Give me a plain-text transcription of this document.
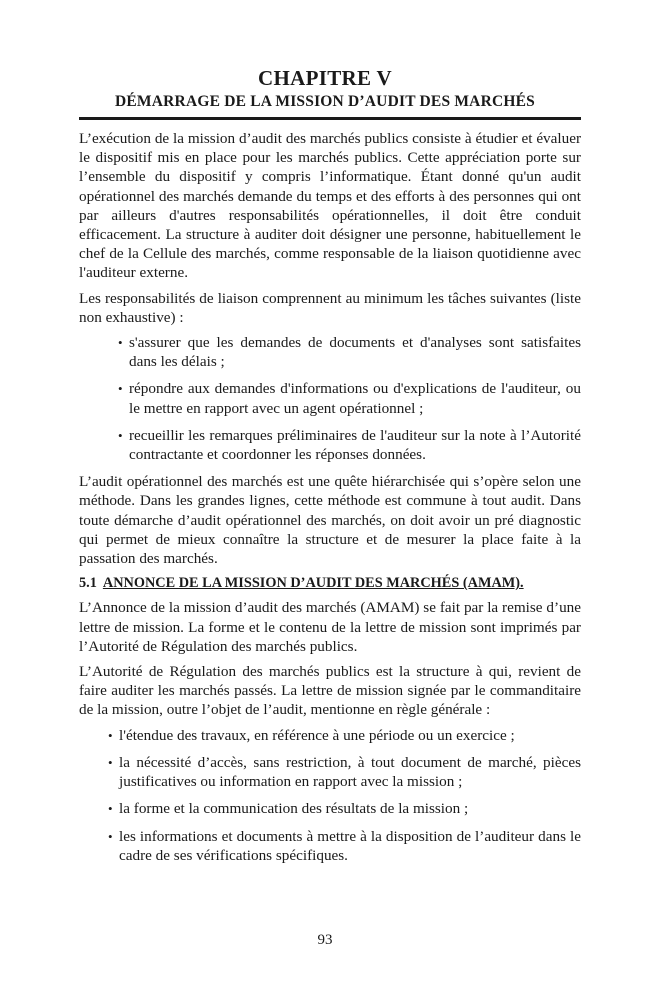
CHAPITRE V
DÉMARRAGE DE LA MISSION D’AUDIT DES MARCHÉS

L’exécution de la mission d’audit des marchés publics consiste à étudier et évaluer le dispositif mis en place pour les marchés publics. Cette appréciation porte sur l’ensemble du dispositif y compris l’informatique. Étant donné qu'un audit opérationnel des marchés demande du temps et des efforts à des personnes qui ont par ailleurs d'autres responsabilités opérationnelles, il doit être conduit efficacement. La structure à auditer doit désigner une personne, habituellement le chef de la Cellule des marchés, comme responsable de la liaison quotidienne avec l'auditeur externe.

Les responsabilités de liaison comprennent au minimum les tâches suivantes (liste non exhaustive) :

• s'assurer que les demandes de documents et d'analyses sont satisfaites dans les délais ;
• répondre aux demandes d'informations ou d'explications de l'auditeur, ou le mettre en rapport avec un agent opérationnel ;
• recueillir les remarques préliminaires de l'auditeur sur la note à l’Autorité contractante et coordonner les réponses données.

L’audit opérationnel des marchés est une quête hiérarchisée qui s’opère selon une méthode. Dans les grandes lignes, cette méthode est commune à tout audit. Dans toute démarche d’audit opérationnel des marchés, on doit avoir un pré diagnostic qui permet de mieux connaître la structure et de mesurer la place faite à la passation des marchés.

5.1 ANNONCE DE LA MISSION D’AUDIT DES MARCHÉS (AMAM).

L’Annonce de la mission d’audit des marchés (AMAM) se fait par la remise d’une lettre de mission. La forme et le contenu de la lettre de mission sont imprimés par l’Autorité de Régulation des marchés publics.

L’Autorité de Régulation des marchés publics est la structure à qui, revient de faire auditer les marchés passés. La lettre de mission signée par le commanditaire de la mission, outre l’objet de l’audit, mentionne en règle générale :

• l'étendue des travaux, en référence à une période ou un exercice ;
• la nécessité d’accès, sans restriction, à tout document de marché, pièces justificatives ou information en rapport avec la mission ;
• la forme et la communication des résultats de la mission ;
• les informations et documents à mettre à la disposition de l’auditeur dans le cadre de ses vérifications spécifiques.
93
